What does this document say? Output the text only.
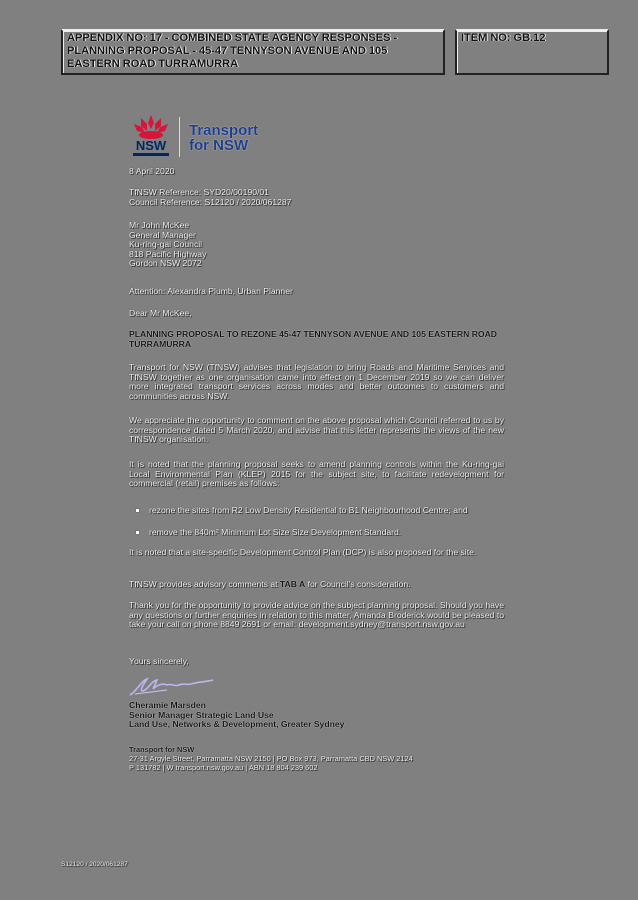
APPENDIX NO: 17 - COMBINED STATE AGENCY RESPONSES - PLANNING PROPOSAL - 45-47 TENNYSON AVENUE AND 105 EASTERN ROAD TURRAMURRA
ITEM NO: GB.12
NSW
Transport
for NSW
8 April 2020
TfNSW Reference: SYD20/00190/01
Council Reference: S12120 / 2020/061287
Mr John McKee
General Manager
Ku-ring-gai Council
818 Pacific Highway
Gordon NSW 2072
Attention: Alexandra Plumb, Urban Planner
Dear Mr McKee,
PLANNING PROPOSAL TO REZONE 45-47 TENNYSON AVENUE AND 105 EASTERN ROAD TURRAMURRA
Transport for NSW (TfNSW) advises that legislation to bring Roads and Maritime Services and TfNSW together as one organisation came into effect on 1 December 2019 so we can deliver more integrated transport services across modes and better outcomes to customers and communities across NSW.
We appreciate the opportunity to comment on the above proposal which Council referred to us by correspondence dated 5 March 2020, and advise that this letter represents the views of the new TfNSW organisation.
It is noted that the planning proposal seeks to amend planning controls within the Ku-ring-gai Local Environmental Plan (KLEP) 2015 for the subject site, to facilitate redevelopment for commercial (retail) premises as follows:
rezone the sites from R2 Low Density Residential to B1 Neighbourhood Centre; and
remove the 840m² Minimum Lot Size Size Development Standard.
It is noted that a site-specific Development Control Plan (DCP) is also proposed for the site.
TfNSW provides advisory comments at TAB A for Council's consideration.
Thank you for the opportunity to provide advice on the subject planning proposal. Should you have any questions or further enquiries in relation to this matter, Amanda Broderick would be pleased to take your call on phone 8849 2691 or email: development.sydney@transport.nsw.gov.au
Yours sincerely,
Cheramie Marsden
Senior Manager Strategic Land Use
Land Use, Networks & Development, Greater Sydney
Transport for NSW
27-31 Argyle Street, Parramatta NSW 2150 | PO Box 973, Parramatta CBD NSW 2124
P 131782 | W transport.nsw.gov.au | ABN 18 804 239 602
S12120 / 2020/061287
